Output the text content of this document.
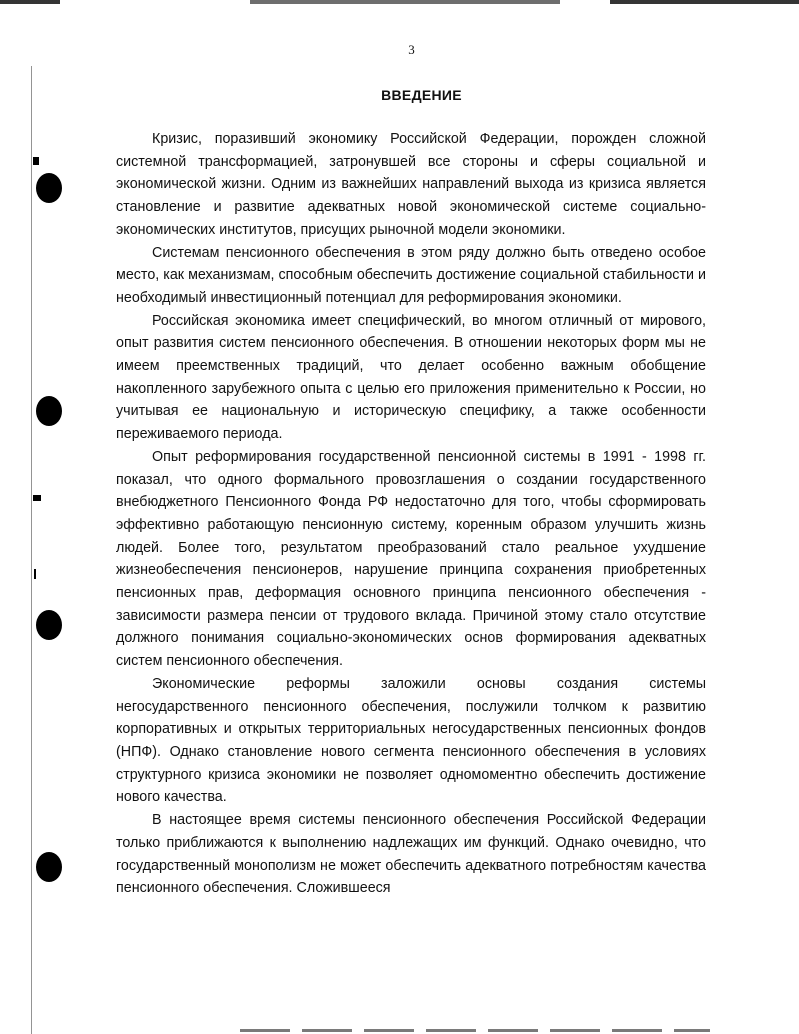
3
ВВЕДЕНИЕ

Кризис, поразивший экономику Российской Федерации, порожден сложной системной трансформацией, затронувшей все стороны и сферы социальной и экономической жизни. Одним из важнейших направлений выхода из кризиса является становление и развитие адекватных новой экономической системе социально-экономических институтов, присущих рыночной модели экономики.

Системам пенсионного обеспечения в этом ряду должно быть отведено особое место, как механизмам, способным обеспечить достижение социальной стабильности и необходимый инвестиционный потенциал для реформирования экономики.

Российская экономика имеет специфический, во многом отличный от мирового, опыт развития систем пенсионного обеспечения. В отношении некоторых форм мы не имеем преемственных традиций, что делает особенно важным обобщение накопленного зарубежного опыта с целью его приложения применительно к России, но учитывая ее национальную и историческую специфику, а также особенности переживаемого периода.

Опыт реформирования государственной пенсионной системы в 1991 - 1998 гг. показал, что одного формального провозглашения о создании государственного внебюджетного Пенсионного Фонда РФ недостаточно для того, чтобы сформировать эффективно работающую пенсионную систему, коренным образом улучшить жизнь людей. Более того, результатом преобразований стало реальное ухудшение жизнеобеспечения пенсионеров, нарушение принципа сохранения приобретенных пенсионных прав, деформация основного принципа пенсионного обеспечения - зависимости размера пенсии от трудового вклада. Причиной этому стало отсутствие должного понимания социально-экономических основ формирования адекватных систем пенсионного обеспечения.

Экономические реформы заложили основы создания системы негосударственного пенсионного обеспечения, послужили толчком к развитию корпоративных и открытых территориальных негосударственных пенсионных фондов (НПФ). Однако становление нового сегмента пенсионного обеспечения в условиях структурного кризиса экономики не позволяет одномоментно обеспечить достижение нового качества.

В настоящее время системы пенсионного обеспечения Российской Федерации только приближаются к выполнению надлежащих им функций. Однако очевидно, что государственный монополизм не может обеспечить адекватного потребностям качества пенсионного обеспечения. Сложившееся
